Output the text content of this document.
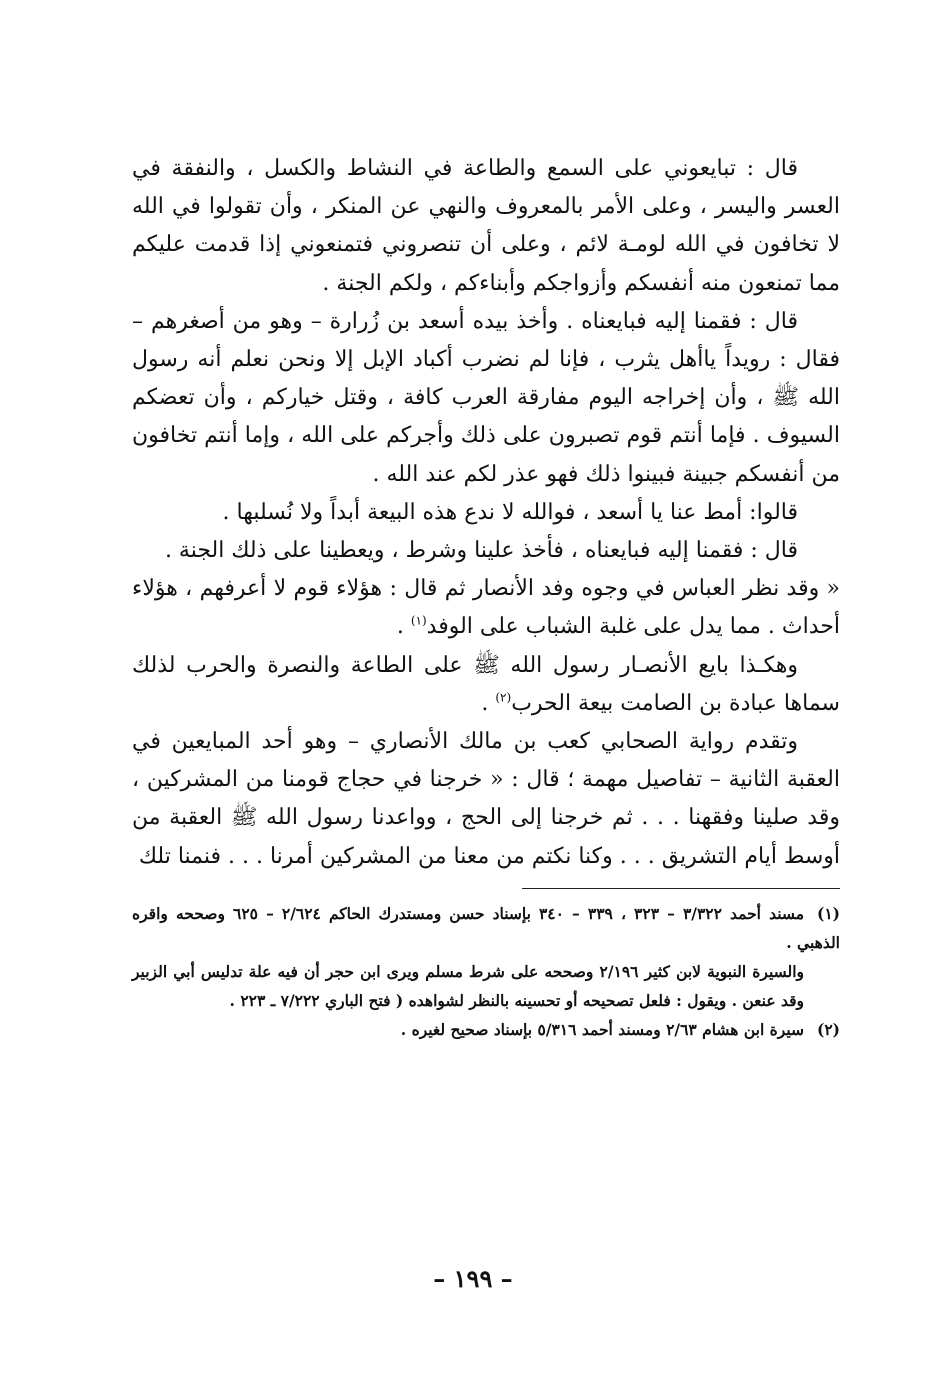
قال : تبايعوني على السمع والطاعة في النشاط والكسل ، والنفقة في العسر واليسر ، وعلى الأمر بالمعروف والنهي عن المنكر ، وأن تقولوا في الله لا تخافون في الله لومـة لائم ، وعلى أن تنصروني فتمنعوني إذا قدمت عليكم مما تمنعون منه أنفسكم وأزواجكم وأبناءكم ، ولكم الجنة .

قال : فقمنا إليه فبايعناه . وأخذ بيده أسعد بن زُرارة – وهو من أصغرهم – فقال : رويداً ياأهل يثرب ، فإنا لم نضرب أكباد الإبل إلا ونحن نعلم أنه رسول الله ﷺ ، وأن إخراجه اليوم مفارقة العرب كافة ، وقتل خياركم ، وأن تعضكم السيوف . فإما أنتم قوم تصبرون على ذلك وأجركم على الله ، وإما أنتم تخافون من أنفسكم جبينة فبينوا ذلك فهو عذر لكم عند الله .

قالوا: أمط عنا يا أسعد ، فوالله لا ندع هذه البيعة أبداً ولا نُسلبها .

قال : فقمنا إليه فبايعناه ، فأخذ علينا وشرط ، ويعطينا على ذلك الجنة .

« وقد نظر العباس في وجوه وفد الأنصار ثم قال : هؤلاء قوم لا أعرفهم ، هؤلاء أحداث . مما يدل على غلبة الشباب على الوفد$^{(١)}$ .

وهكـذا بايع الأنصـار رسول الله ﷺ على الطاعة والنصرة والحرب لذلك سماها عبادة بن الصامت بيعة الحرب$^{(٢)}$ .

وتقدم رواية الصحابي كعب بن مالك الأنصاري – وهو أحد المبايعين في العقبة الثانية – تفاصيل مهمة ؛ قال : « خرجنا في حجاج قومنا من المشركين ، وقد صلينا وفقهنا . . . ثم خرجنا إلى الحج ، وواعدنا رسول الله ﷺ العقبة من أوسط أيام التشريق . . . وكنا نكتم من معنا من المشركين أمرنا . . . فنمنا تلك

(١)مسند أحمد ٣/٣٢٢ – ٣٢٣ ، ٣٣٩ – ٣٤٠ بإسناد حسن ومستدرك الحاكم ٢/٦٢٤ – ٦٢٥ وصححه واقره الذهبي .

والسيرة النبوية لابن كثير ٢/١٩٦ وصححه على شرط مسلم ويرى ابن حجر أن فيه علة تدليس أبي الزبير وقد عنعن . ويقول : فلعل تصحيحه أو تحسينه بالنظر لشواهده ( فتح الباري ٧/٢٢٢ ـ ٢٢٣ .

(٢)سيرة ابن هشام ٢/٦٣ ومسند أحمد ٥/٣١٦ بإسناد صحيح لغيره .

– ١٩٩ –
